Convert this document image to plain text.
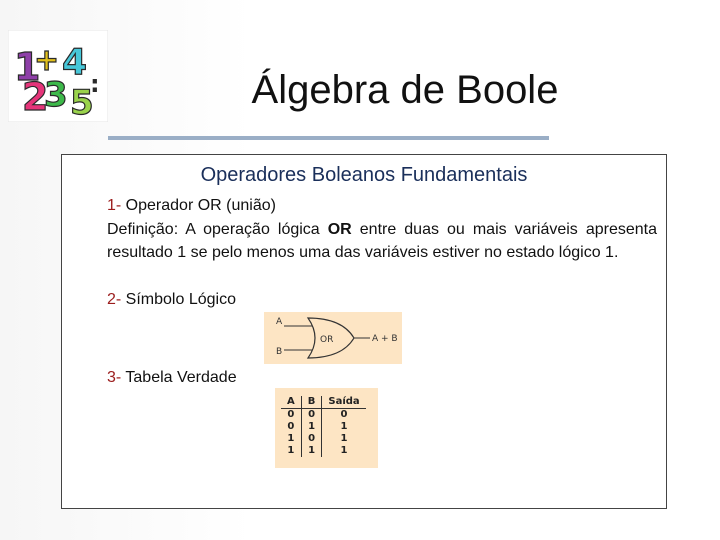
1
+ 4
2
3 5
:	Álgebra de Boole
Operadores Boleanos Fundamentais
1- Operador OR (união)
Definição: A operação lógica OR entre duas ou mais variáveis apresenta resultado 1 se pelo menos uma das variáveis estiver no estado lógico 1.
2- Símbolo Lógico
A
B
OR	A + B
3- Tabela Verdade
A	B	Saída
0	0	0
0	1	1
1	0	1
1	1	1
